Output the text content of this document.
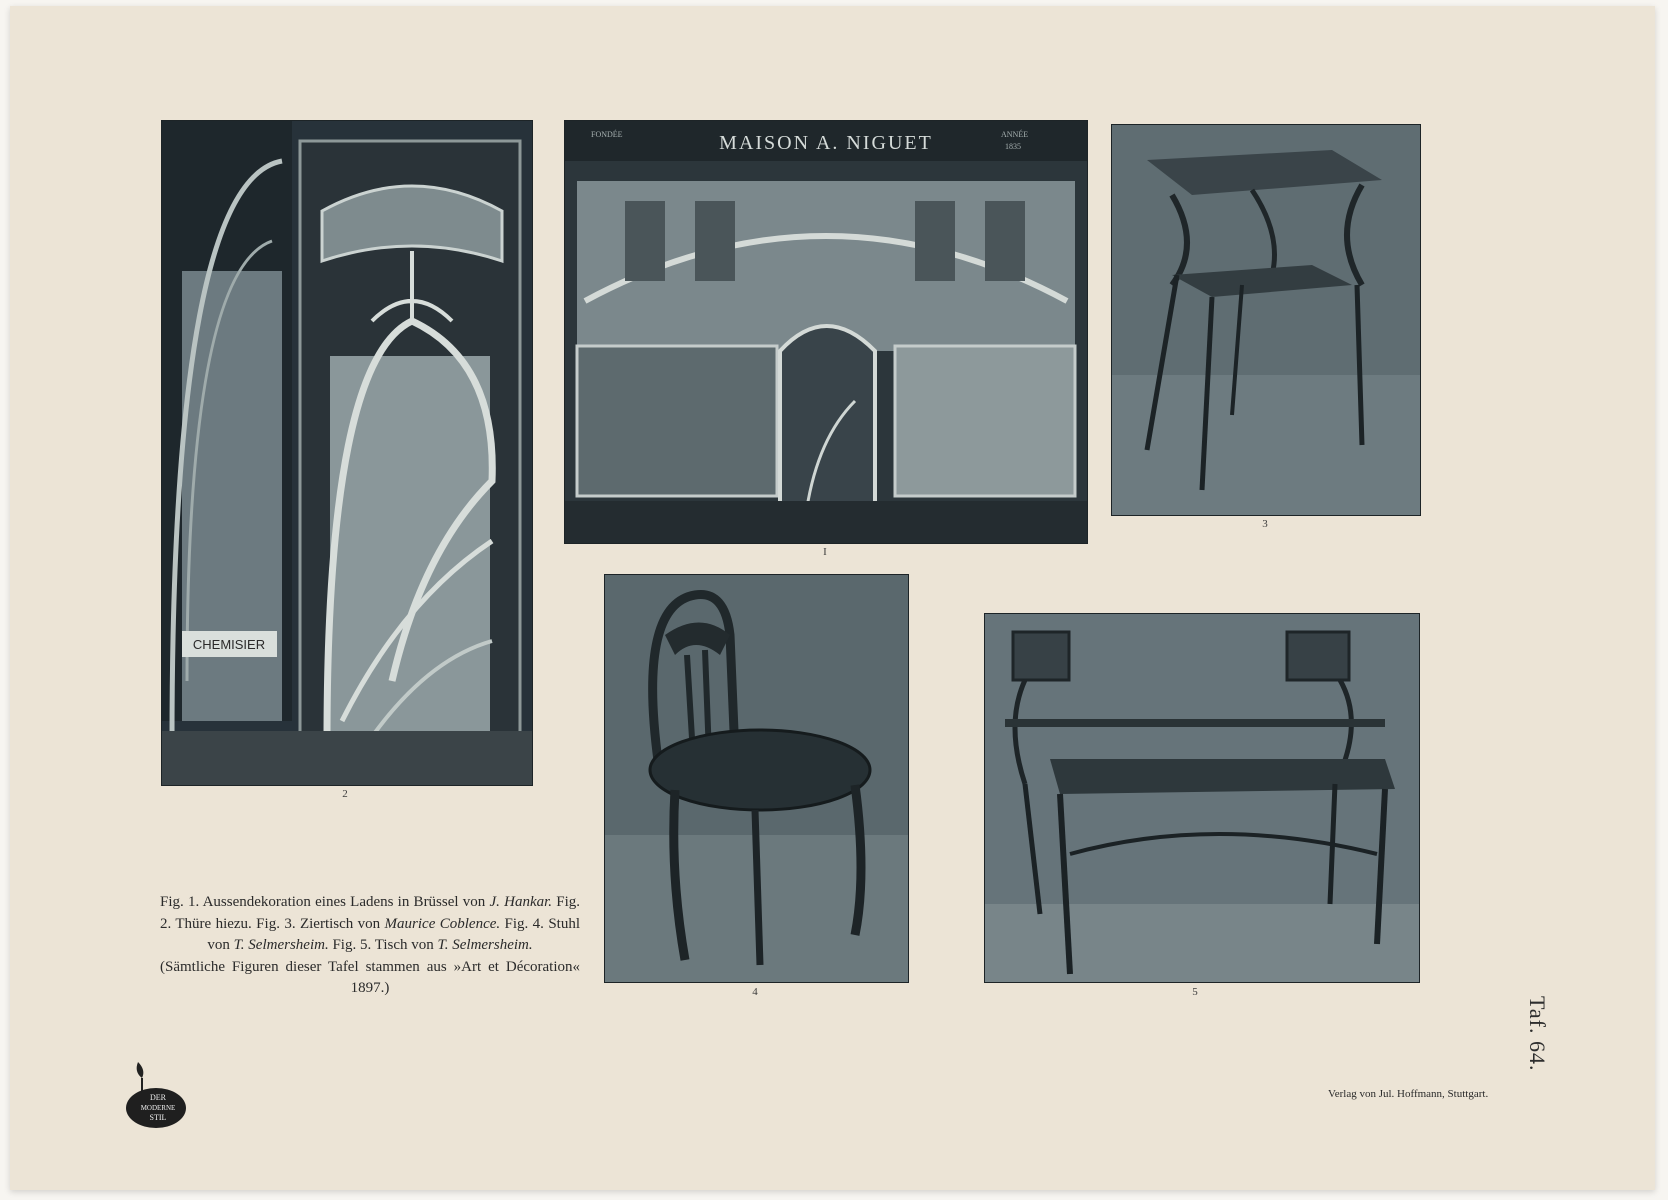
CHEMISIER
2
FONDÉE	MAISON A. NIGUET	ANNÉE
1835
I
3
4	5
Fig. 1. Aussendekoration eines Ladens in Brüssel von J. Hankar. Fig. 2. Thüre hiezu. Fig. 3. Ziertisch von Maurice Coblence. Fig. 4. Stuhl von T. Selmersheim. Fig. 5. Tisch von T. Selmersheim.
(Sämtliche Figuren dieser Tafel stammen aus »Art et Décoration« 1897.)
Taf. 64.
Verlag von Jul. Hoffmann, Stuttgart.
DER
MODERNE
STIL
